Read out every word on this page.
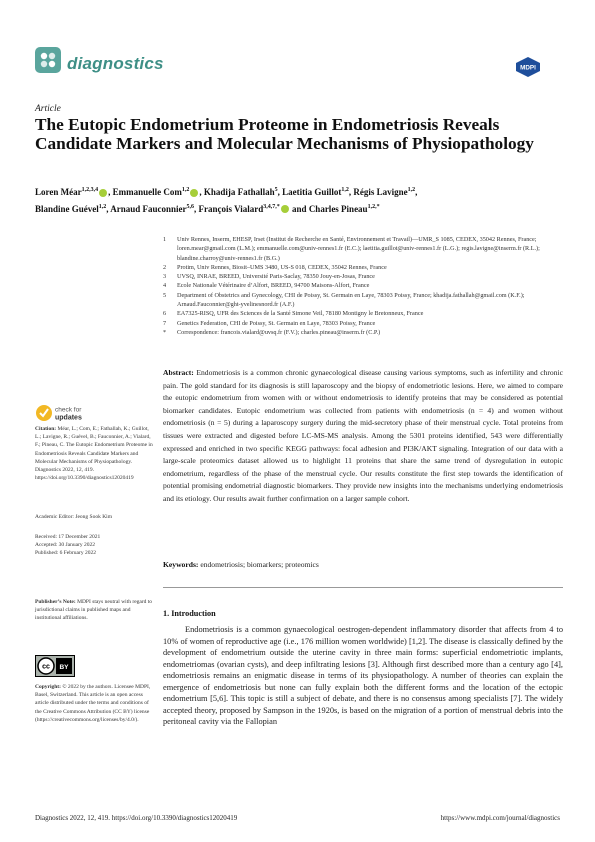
diagnostics	MDPI
Article
The Eutopic Endometrium Proteome in Endometriosis Reveals Candidate Markers and Molecular Mechanisms of Physiopathology
Loren Méar$^{1,2,3,4}$ , Emmanuelle Com$^{1,2}$ , Khadija Fathallah$^5$, Laetitia Guillot$^{1,2}$, Régis Lavigne$^{1,2}$,
Blandine Guével$^{1,2}$, Arnaud Fauconnier$^{5,6}$, François Vialard$^{3,4,7,*}$ and Charles Pineau$^{1,2,*}$
1 Univ Rennes, Inserm, EHESP, Irset (Institut de Recherche en Santé, Environnement et Travail)—UMR_S 1085, CEDEX, 35042 Rennes, France; loren.mear@gmail.com (L.M.); emmanuelle.com@univ-rennes1.fr (E.C.); laetitia.guillot@univ-rennes1.fr (L.G.); regis.lavigne@inserm.fr (R.L.); blandine.charroy@univ-rennes1.fr (B.G.)
2 Protim, Univ Rennes, Biosit–UMS 3480, US-S 018, CEDEX, 35042 Rennes, France
3 UVSQ, INRAE, BREED, Université Paris-Saclay, 78350 Jouy-en-Josas, France
4 Ecole Nationale Vétérinaire d’Alfort, BREED, 94700 Maisons-Alfort, France
5 Department of Obstetrics and Gynecology, CHI de Poissy, St. Germain en Laye, 78303 Poissy, France; khadija.fathallah@gmail.com (K.F.); Arnaud.Fauconnier@ght-yvelinesnord.fr (A.F.)
6 EA7325-RISQ, UFR des Sciences de la Santé Simone Veil, 78180 Montigny le Bretonneux, France
7 Genetics Federation, CHI de Poissy, St. Germain en Laye, 78303 Poissy, France
* Correspondence: francois.vialard@uvsq.fr (F.V.); charles.pineau@inserm.fr (C.P.)
Abstract: Endometriosis is a common chronic gynaecological disease causing various symptoms, such as infertility and chronic pain. The gold standard for its diagnosis is still laparoscopy and the biopsy of endometriotic lesions. Here, we aimed to compare the eutopic endometrium from women with or without endometriosis to identify proteins that may be considered as potential biomarker candidates. Eutopic endometrium was collected from patients with endometriosis (n = 4) and women without endometriosis (n = 5) during a laparoscopy surgery during the mid-secretory phase of their menstrual cycle. Total proteins from tissues were extracted and digested before LC-MS-MS analysis. Among the 5301 proteins identified, 543 were differentially expressed and enriched in two specific KEGG pathways: focal adhesion and PI3K/AKT signaling. Integration of our data with a large-scale proteomics dataset allowed us to highlight 11 proteins that share the same trend of dysregulation in eutopic endometrium, regardless of the phase of the menstrual cycle. Our results constitute the first step towards the identification of potential promising endometrial diagnostic biomarkers. They provide new insights into the mechanisms underlying endometriosis and its etiology. Our results await further confirmation on a larger sample cohort.
Keywords: endometriosis; biomarkers; proteomics
1. Introduction
Endometriosis is a common gynaecological oestrogen-dependent inflammatory disorder that affects from 4 to 10% of women of reproductive age (i.e., 176 million women worldwide) [1,2]. The disease is classically defined by the development of endometrium outside the uterine cavity in three main forms: superficial endometriotic implants, endometriomas (ovarian cysts), and deep infiltrating lesions [3]. Although first described more than a century ago [4], endometriosis remains an enigmatic disease in terms of its physiopathology. A number of theories can explain the emergence of endometriosis but none can fully explain both the different forms and the location of the ectopic endometrium [5,6]. This topic is still a subject of debate, and there is no consensus among specialists [7]. The widely accepted theory, proposed by Sampson in the 1920s, is based on the migration of a portion of menstrual debris into the peritoneal cavity via the Fallopian
check for
updates
Citation: Méar, L.; Com, E.; Fathallah, K.; Guillot, L.; Lavigne, R.; Guével, B.; Fauconnier, A.; Vialard, F.; Pineau, C. The Eutopic Endometrium Proteome in Endometriosis Reveals Candidate Markers and Molecular Mechanisms of Physiopathology. Diagnostics 2022, 12, 419. https://doi.org/10.3390/diagnostics12020419
Academic Editor: Jeong Sook Kim
Received: 17 December 2021
Accepted: 30 January 2022
Published: 6 February 2022
Publisher’s Note: MDPI stays neutral with regard to jurisdictional claims in published maps and institutional affiliations.
cc BY
Copyright: © 2022 by the authors. Licensee MDPI, Basel, Switzerland. This article is an open access article distributed under the terms and conditions of the Creative Commons Attribution (CC BY) license (https://creativecommons.org/licenses/by/4.0/).
Diagnostics 2022, 12, 419. https://doi.org/10.3390/diagnostics12020419	https://www.mdpi.com/journal/diagnostics
